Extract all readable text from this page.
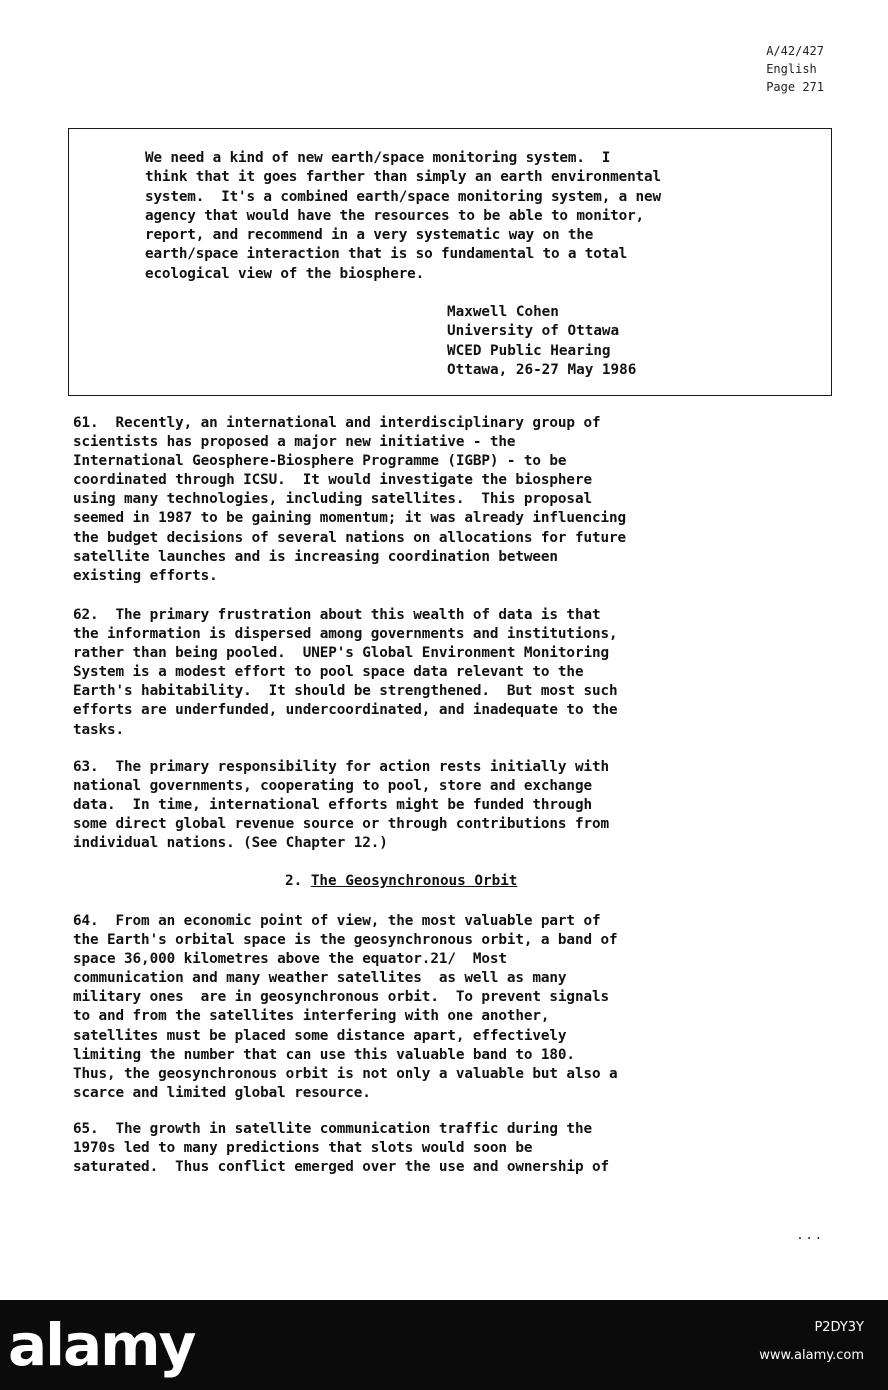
A/42/427
English
Page 271
We need a kind of new earth/space monitoring system.  I
think that it goes farther than simply an earth environmental
system.  It's a combined earth/space monitoring system, a new
agency that would have the resources to be able to monitor,
report, and recommend in a very systematic way on the
earth/space interaction that is so fundamental to a total
ecological view of the biosphere.
Maxwell Cohen
University of Ottawa
WCED Public Hearing
Ottawa, 26-27 May 1986
61.  Recently, an international and interdisciplinary group of
scientists has proposed a major new initiative - the
International Geosphere-Biosphere Programme (IGBP) - to be
coordinated through ICSU.  It would investigate the biosphere
using many technologies, including satellites.  This proposal
seemed in 1987 to be gaining momentum; it was already influencing
the budget decisions of several nations on allocations for future
satellite launches and is increasing coordination between
existing efforts.
62.  The primary frustration about this wealth of data is that
the information is dispersed among governments and institutions,
rather than being pooled.  UNEP's Global Environment Monitoring
System is a modest effort to pool space data relevant to the
Earth's habitability.  It should be strengthened.  But most such
efforts are underfunded, undercoordinated, and inadequate to the
tasks.
63.  The primary responsibility for action rests initially with
national governments, cooperating to pool, store and exchange
data.  In time, international efforts might be funded through
some direct global revenue source or through contributions from
individual nations. (See Chapter 12.)
2. The Geosynchronous Orbit
64.  From an economic point of view, the most valuable part of
the Earth's orbital space is the geosynchronous orbit, a band of
space 36,000 kilometres above the equator.21/  Most
communication and many weather satellites  as well as many
military ones  are in geosynchronous orbit.  To prevent signals
to and from the satellites interfering with one another,
satellites must be placed some distance apart, effectively
limiting the number that can use this valuable band to 180.
Thus, the geosynchronous orbit is not only a valuable but also a
scarce and limited global resource.
65.  The growth in satellite communication traffic during the
1970s led to many predictions that slots would soon be
saturated.  Thus conflict emerged over the use and ownership of
...
alamy	P2DY3Y
www.alamy.com
